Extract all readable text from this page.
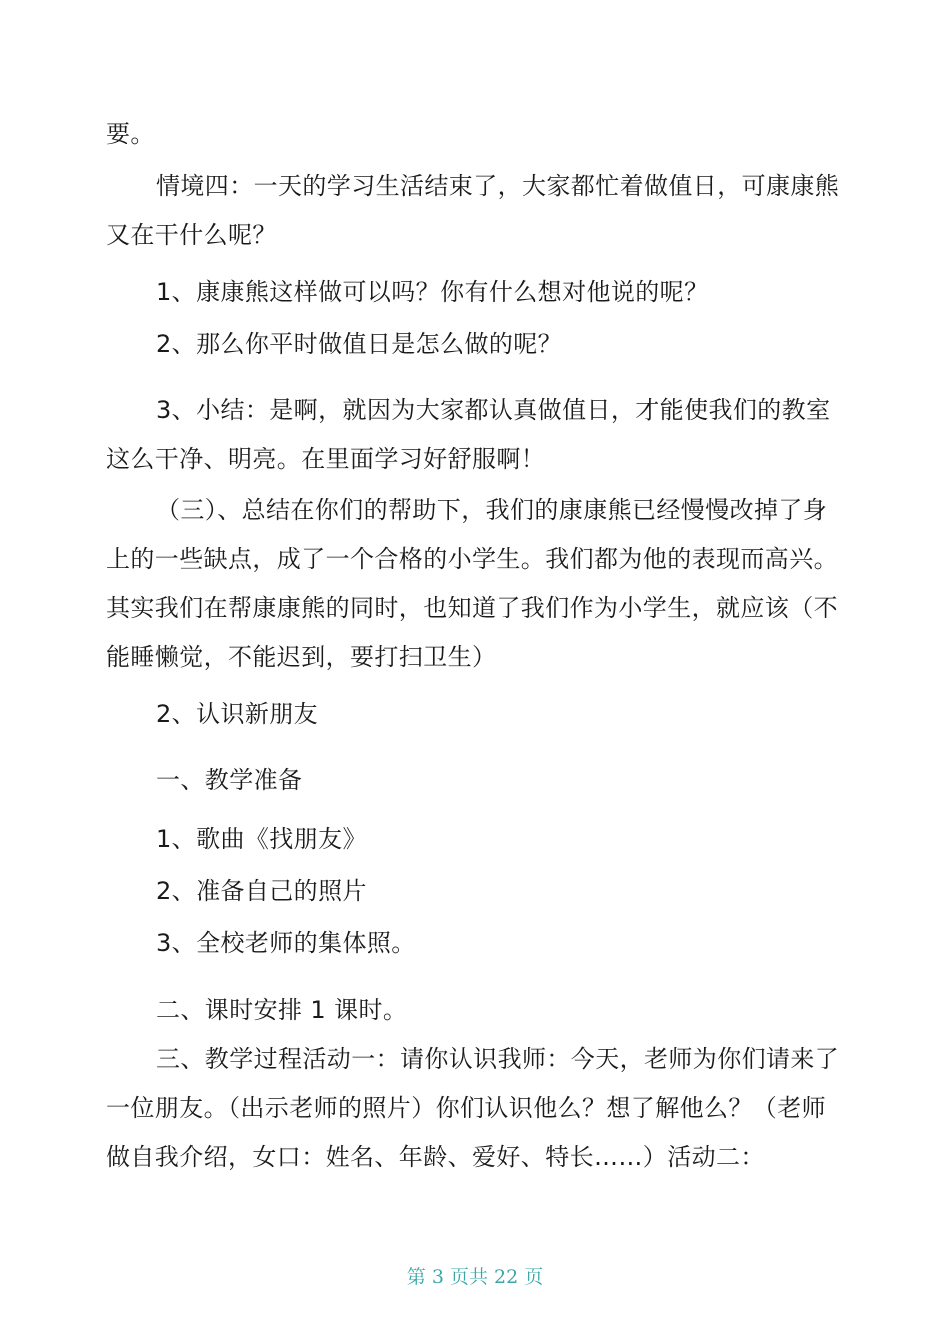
要。

情境四：一天的学习生活结束了，大家都忙着做值日，可康康熊又在干什么呢？

1、康康熊这样做可以吗？你有什么想对他说的呢？

2、那么你平时做值日是怎么做的呢？

3、小结：是啊，就因为大家都认真做值日，才能使我们的教室这么干净、明亮。在里面学习好舒服啊！

（三）、总结在你们的帮助下，我们的康康熊已经慢慢改掉了身上的一些缺点，成了一个合格的小学生。我们都为他的表现而高兴。其实我们在帮康康熊的同时，也知道了我们作为小学生，就应该（不能睡懒觉，不能迟到，要打扫卫生）

2、认识新朋友

一、教学准备

1、歌曲《找朋友》

2、准备自己的照片

3、全校老师的集体照。

二、课时安排 1 课时。

三、教学过程活动一：请你认识我师：今天，老师为你们请来了一位朋友。（出示老师的照片）你们认识他么？想了解他么？（老师做自我介绍，女口：姓名、年龄、爱好、特长……）活动二：

第 3 页共 22 页
